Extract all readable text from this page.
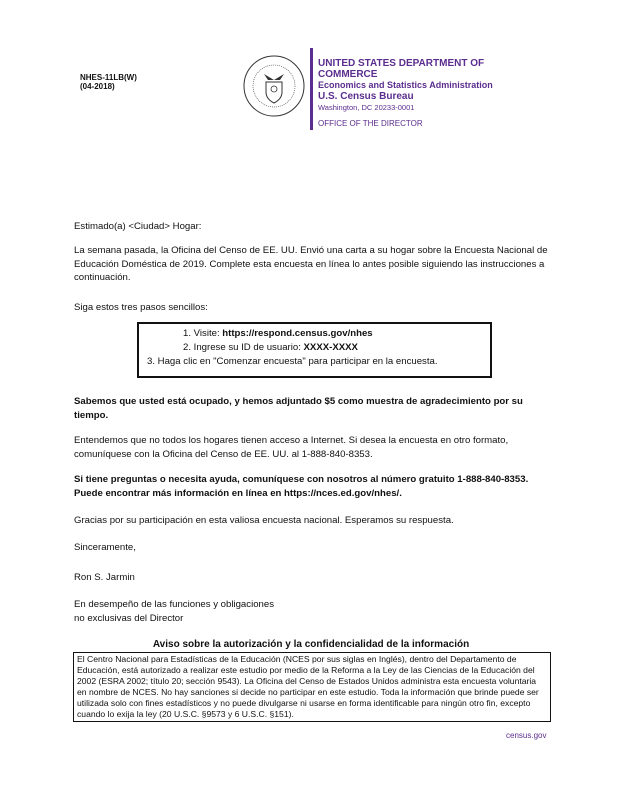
NHES-11LB(W)
(04-2018)
UNITED STATES DEPARTMENT OF
COMMERCE
Economics and Statistics Administration
U.S. Census Bureau
Washington, DC 20233-0001
OFFICE OF THE DIRECTOR
Estimado(a) <Ciudad> Hogar:
La semana pasada, la Oficina del Censo de EE. UU. Envió una carta a su hogar sobre la Encuesta Nacional de Educación Doméstica de 2019. Complete esta encuesta en línea lo antes posible siguiendo las instrucciones a continuación.
Siga estos tres pasos sencillos:
1. Visite: https://respond.census.gov/nhes
2. Ingrese su ID de usuario: XXXX-XXXX
3. Haga clic en "Comenzar encuesta" para participar en la encuesta.
Sabemos que usted está ocupado, y hemos adjuntado $5 como muestra de agradecimiento por su tiempo.
Entendemos que no todos los hogares tienen acceso a Internet. Si desea la encuesta en otro formato, comuníquese con la Oficina del Censo de EE. UU. al 1-888-840-8353.
Si tiene preguntas o necesita ayuda, comuníquese con nosotros al número gratuito 1-888-840-8353. Puede encontrar más información en línea en https://nces.ed.gov/nhes/.
Gracias por su participación en esta valiosa encuesta nacional. Esperamos su respuesta.
Sinceramente,
Ron S. Jarmin
En desempeño de las funciones y obligaciones
no exclusivas del Director
Aviso sobre la autorización y la confidencialidad de la información
El Centro Nacional para Estadísticas de la Educación (NCES por sus siglas en Inglés), dentro del Departamento de Educación, está autorizado a realizar este estudio por medio de la Reforma a la Ley de las Ciencias de la Educación del 2002 (ESRA 2002; título 20; sección 9543). La Oficina del Censo de Estados Unidos administra esta encuesta voluntaria en nombre de NCES. No hay sanciones si decide no participar en este estudio. Toda la información que brinde puede ser utilizada solo con fines estadísticos y no puede divulgarse ni usarse en forma identificable para ningún otro fin, excepto cuando lo exija la ley (20 U.S.C. §9573 y 6 U.S.C. §151).
census.gov
